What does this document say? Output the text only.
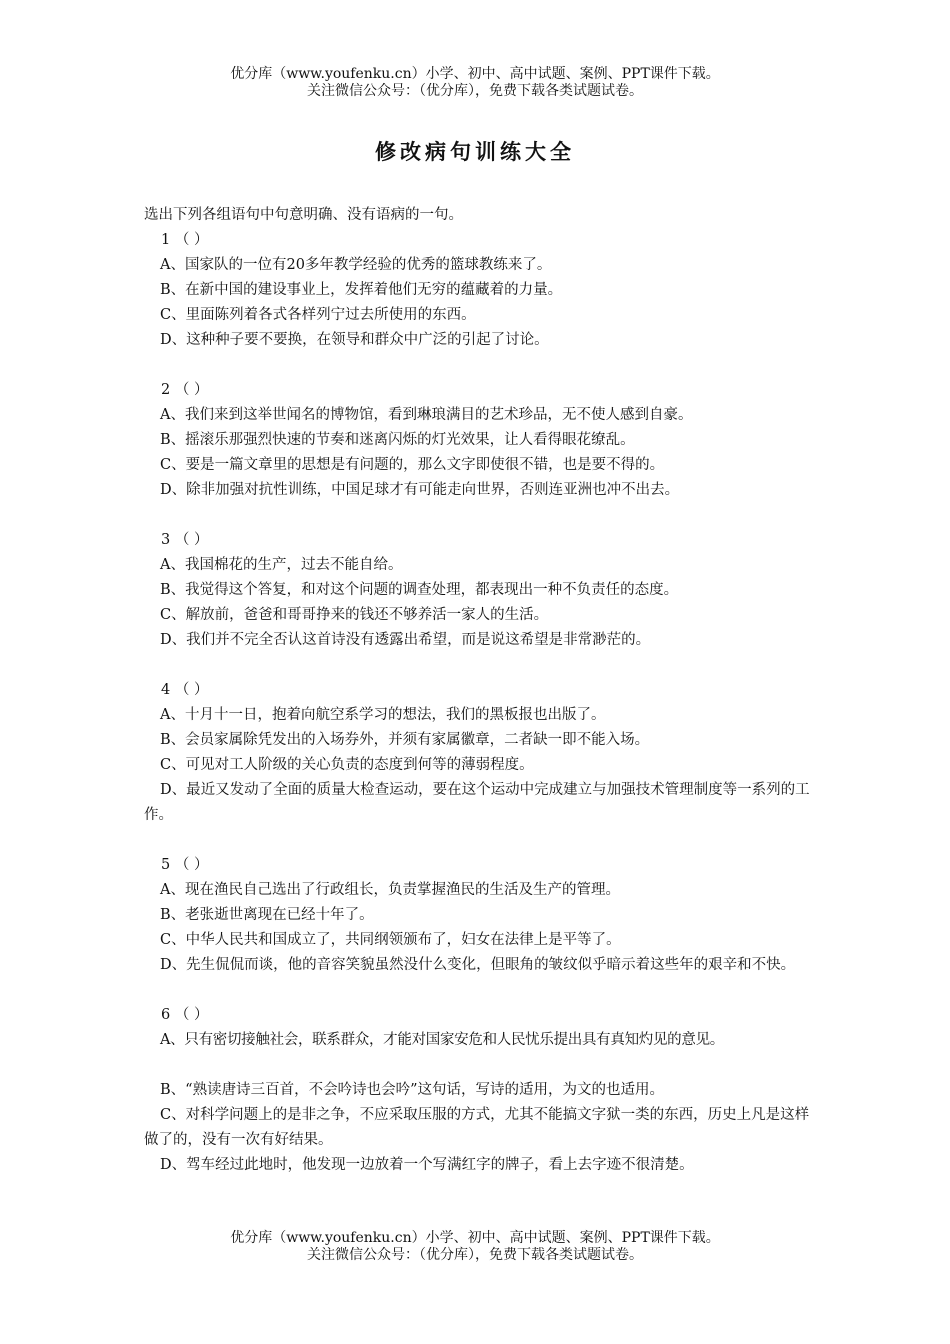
优分库（www.youfenku.cn）小学、初中、高中试题、案例、PPT课件下载。
关注微信公众号：（优分库），免费下载各类试题试卷。
修改病句训练大全
选出下列各组语句中句意明确、没有语病的一句。
1 （ ）
A、国家队的一位有20多年教学经验的优秀的篮球教练来了。
B、在新中国的建设事业上，发挥着他们无穷的蕴藏着的力量。
C、里面陈列着各式各样列宁过去所使用的东西。
D、这种种子要不要换，在领导和群众中广泛的引起了讨论。
2 （ ）
A、我们来到这举世闻名的博物馆，看到琳琅满目的艺术珍品，无不使人感到自豪。
B、摇滚乐那强烈快速的节奏和迷离闪烁的灯光效果，让人看得眼花缭乱。
C、要是一篇文章里的思想是有问题的，那么文字即使很不错，也是要不得的。
D、除非加强对抗性训练，中国足球才有可能走向世界，否则连亚洲也冲不出去。
3 （ ）
A、我国棉花的生产，过去不能自给。
B、我觉得这个答复，和对这个问题的调查处理，都表现出一种不负责任的态度。
C、解放前，爸爸和哥哥挣来的钱还不够养活一家人的生活。
D、我们并不完全否认这首诗没有透露出希望，而是说这希望是非常渺茫的。
4 （ ）
A、十月十一日，抱着向航空系学习的想法，我们的黑板报也出版了。
B、会员家属除凭发出的入场券外，并须有家属徽章，二者缺一即不能入场。
C、可见对工人阶级的关心负责的态度到何等的薄弱程度。
D、最近又发动了全面的质量大检查运动，要在这个运动中完成建立与加强技术管理制度等一系列的工作。
5 （ ）
A、现在渔民自己选出了行政组长，负责掌握渔民的生活及生产的管理。
B、老张逝世离现在已经十年了。
C、中华人民共和国成立了，共同纲领颁布了，妇女在法律上是平等了。
D、先生侃侃而谈，他的音容笑貌虽然没什么变化，但眼角的皱纹似乎暗示着这些年的艰辛和不快。
6 （ ）
A、只有密切接触社会，联系群众，才能对国家安危和人民忧乐提出具有真知灼见的意见。
B、“熟读唐诗三百首，不会吟诗也会吟”这句话，写诗的适用，为文的也适用。
C、对科学问题上的是非之争，不应采取压服的方式，尤其不能搞文字狱一类的东西，历史上凡是这样做了的，没有一次有好结果。
D、驾车经过此地时，他发现一边放着一个写满红字的牌子，看上去字迹不很清楚。
优分库（www.youfenku.cn）小学、初中、高中试题、案例、PPT课件下载。
关注微信公众号：（优分库），免费下载各类试题试卷。
